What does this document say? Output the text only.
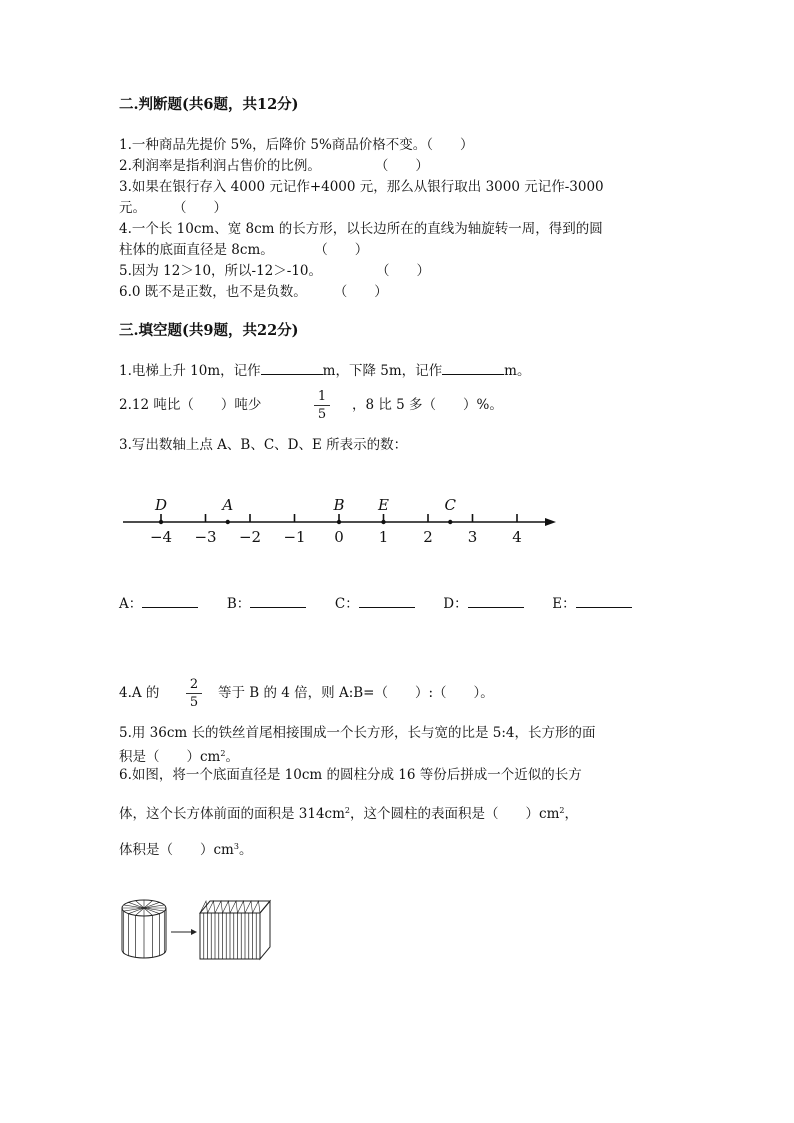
二.判断题(共6题，共12分)
1.一种商品先提价 5%，后降价 5%商品价格不变。（　　）
2.利润率是指利润占售价的比例。　　　　　（　　）
3.如果在银行存入 4000 元记作+4000 元，那么从银行取出 3000 元记作-3000
元。　　　（　　）
4.一个长 10cm、宽 8cm 的长方形，以长边所在的直线为轴旋转一周，得到的圆
柱体的底面直径是 8cm。　　　　（　　）
5.因为 12＞10，所以-12＞-10。　　　　　（　　）
6.0 既不是正数，也不是负数。　　　（　　）
三.填空题(共9题，共22分)
1.电梯上升 10m，记作	m，下降 5m，记作	m。
2.12 吨比（　　）吨少
1
5
，8 比 5 多（　　）%。
3.写出数轴上点 A、B、C、D、E 所表示的数：
−4 −3 −2 −1 0 1 2 3 4
D	A	B E	C
A：	B：	C：	D：	E：
4.A 的
2
5
等于 B 的 4 倍，则 A:B=（　　）:（　　）。
5.用 36cm 长的铁丝首尾相接围成一个长方形，长与宽的比是 5:4，长方形的面
积是（　　）$cm^2$。
6.如图，将一个底面直径是 10cm 的圆柱分成 16 等份后拼成一个近似的长方
体，这个长方体前面的面积是 $314cm^2$，这个圆柱的表面积是（　　）$cm^2$，
体积是（　　）$cm^3$。
